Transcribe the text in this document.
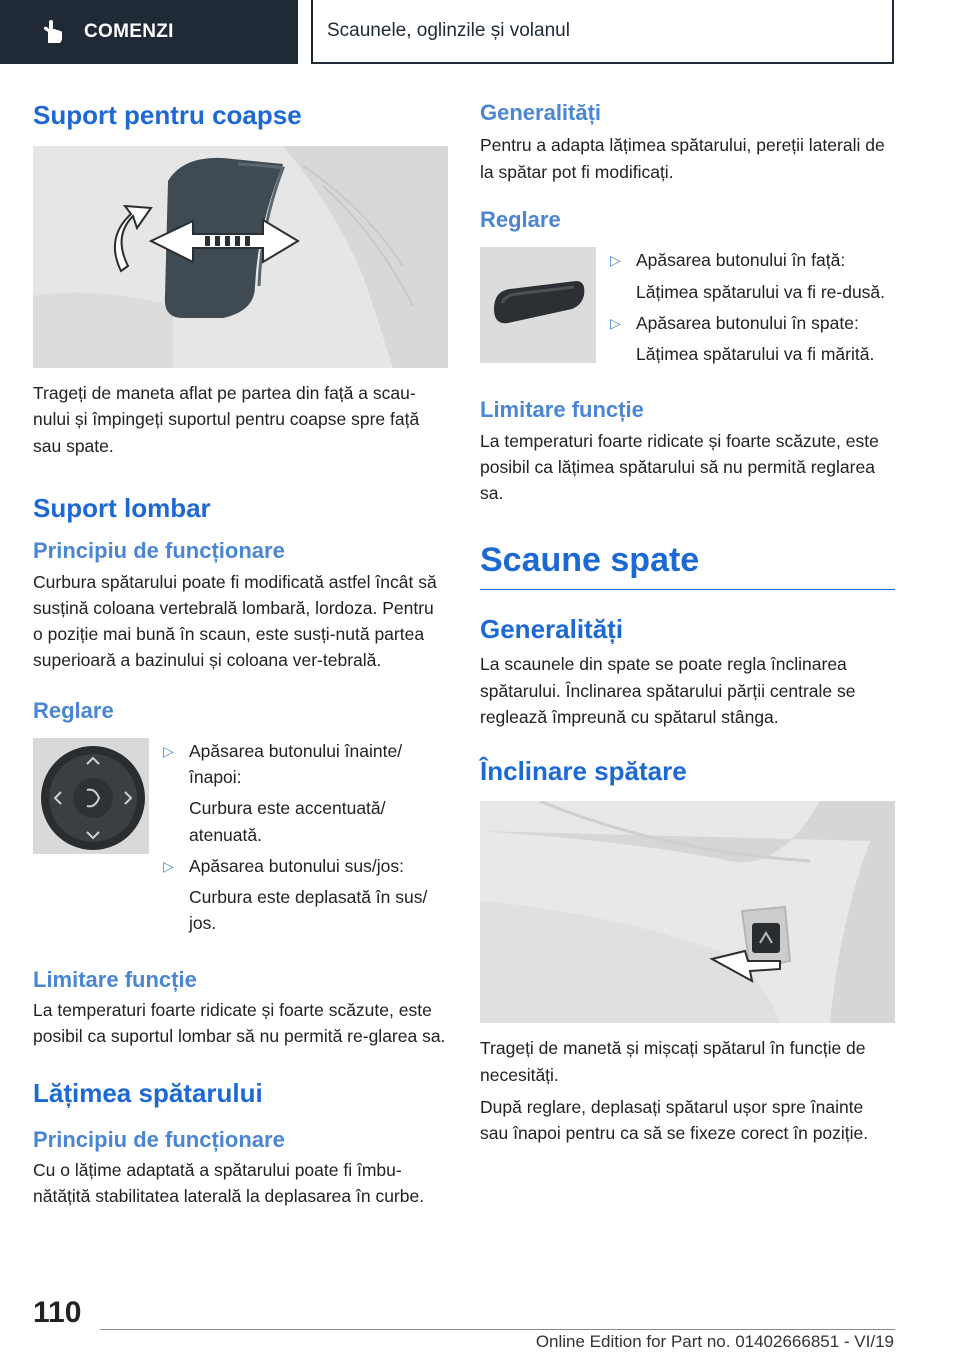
COMENZI	Scaunele, oglinzile și volanul
Suport pentru coapse

Trageți de maneta aflat pe partea din față a scau-nului și împingeți suportul pentru coapse spre față sau spate.

Suport lombar
Principiu de funcționare

Curbura spătarului poate fi modificată astfel încât să susțină coloana vertebrală lombară, lordoza. Pentru o poziție mai bună în scaun, este susți-nută partea superioară a bazinului și coloana ver-tebrală.

Reglare
▷ Apăsarea butonului înainte/ înapoi:
Curbura este accentuată/ atenuată.
▷ Apăsarea butonului sus/jos:
Curbura este deplasată în sus/ jos.
Limitare funcție

La temperaturi foarte ridicate și foarte scăzute, este posibil ca suportul lombar să nu permită re-glarea sa.

Lățimea spătarului
Principiu de funcționare

Cu o lățime adaptată a spătarului poate fi îmbu-nătățită stabilitatea laterală la deplasarea în curbe.

Generalități

Pentru a adapta lățimea spătarului, pereții laterali de la spătar pot fi modificați.

Reglare
▷ Apăsarea butonului în față:
Lățimea spătarului va fi re-dusă.
▷ Apăsarea butonului în spate:
Lățimea spătarului va fi mărită.
Limitare funcție

La temperaturi foarte ridicate și foarte scăzute, este posibil ca lățimea spătarului să nu permită reglarea sa.

Scaune spate
Generalități

La scaunele din spate se poate regla înclinarea spătarului. Înclinarea spătarului părții centrale se reglează împreună cu spătarul stânga.

Înclinare spătare

Trageți de manetă și mișcați spătarul în funcție de necesități.

După reglare, deplasați spătarul ușor spre înainte sau înapoi pentru ca să se fixeze corect în poziție.

110
Online Edition for Part no. 01402666851 - VI/19
